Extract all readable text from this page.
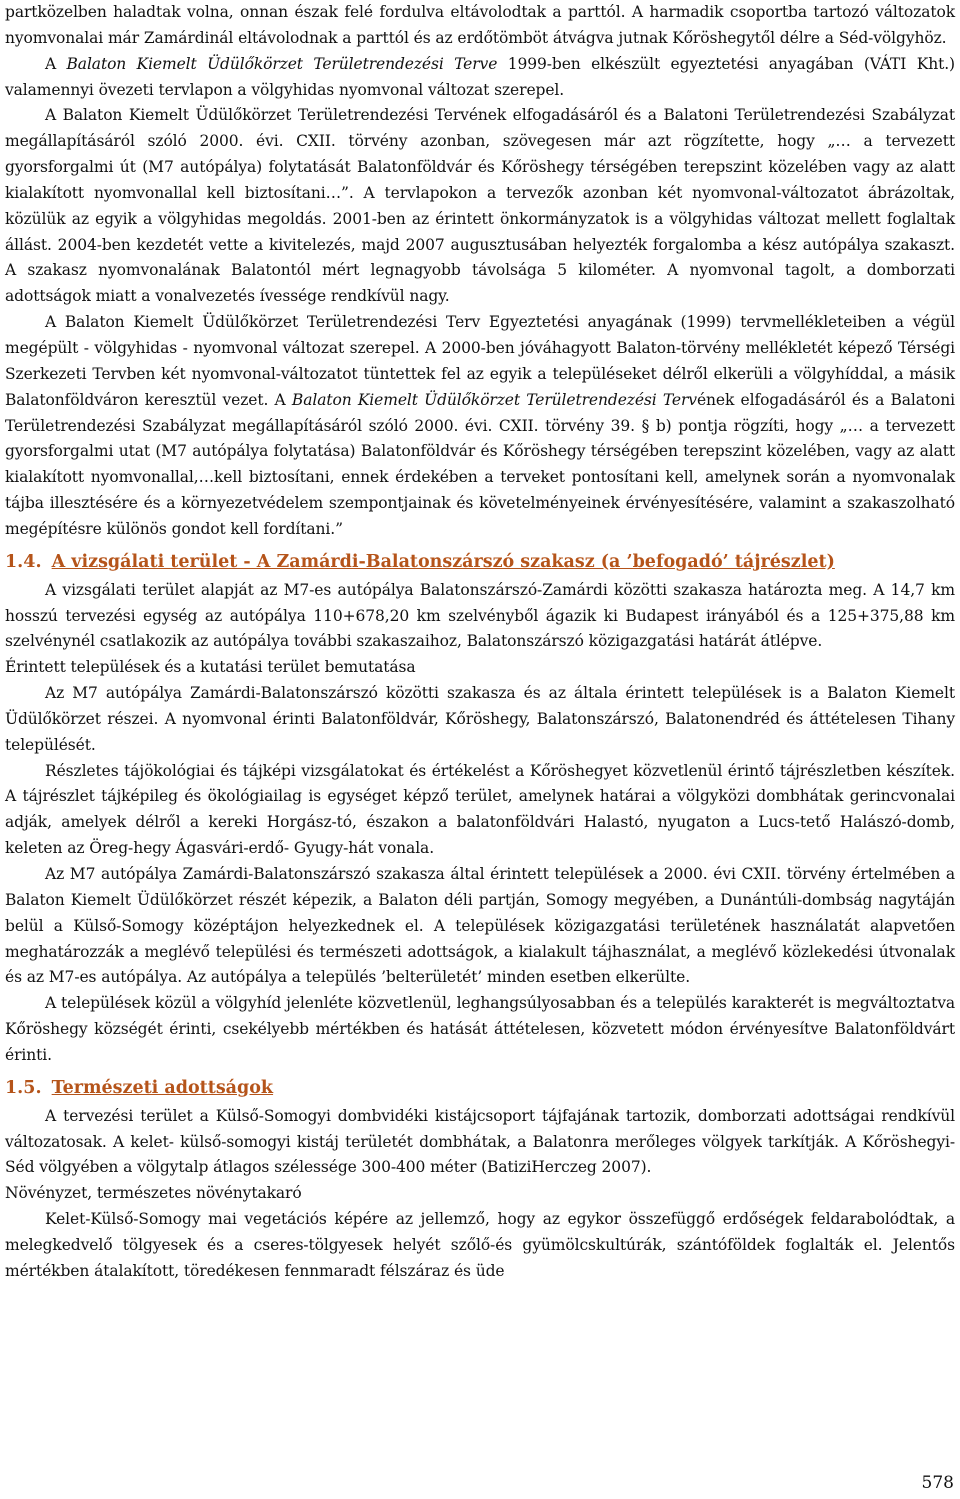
partközelben haladtak volna, onnan észak felé fordulva eltávolodtak a parttól. A harmadik csoportba tartozó változatok nyomvonalai már Zamárdinál eltávolodnak a parttól és az erdőtömböt átvágva jutnak Kőröshegytől délre a Séd-völgyhöz.

A Balaton Kiemelt Üdülőkörzet Területrendezési Terve 1999-ben elkészült egyeztetési anyagában (VÁTI Kht.) valamennyi övezeti tervlapon a völgyhidas nyomvonal változat szerepel.

A Balaton Kiemelt Üdülőkörzet Területrendezési Tervének elfogadásáról és a Balatoni Területrendezési Szabályzat megállapításáról szóló 2000. évi. CXII. törvény azonban, szövegesen már azt rögzítette, hogy „… a tervezett gyorsforgalmi út (M7 autópálya) folytatását Balatonföldvár és Kőröshegy térségében terepszint közelében vagy az alatt kialakított nyomvonallal kell biztosítani…”. A tervlapokon a tervezők azonban két nyomvonal-változatot ábrázoltak, közülük az egyik a völgyhidas megoldás. 2001-ben az érintett önkormányzatok is a völgyhidas változat mellett foglaltak állást. 2004-ben kezdetét vette a kivitelezés, majd 2007 augusztusában helyezték forgalomba a kész autópálya szakaszt. A szakasz nyomvonalának Balatontól mért legnagyobb távolsága 5 kilométer. A nyomvonal tagolt, a domborzati adottságok miatt a vonalvezetés ívessége rendkívül nagy.

A Balaton Kiemelt Üdülőkörzet Területrendezési Terv Egyeztetési anyagának (1999) tervmellékleteiben a végül megépült - völgyhidas - nyomvonal változat szerepel. A 2000-ben jóváhagyott Balaton-törvény mellékletét képező Térségi Szerkezeti Tervben két nyomvonal-változatot tüntettek fel az egyik a településeket délről elkerüli a völgyhíddal, a másik Balatonföldváron keresztül vezet. A Balaton Kiemelt Üdülőkörzet Területrendezési Tervének elfogadásáról és a Balatoni Területrendezési Szabályzat megállapításáról szóló 2000. évi. CXII. törvény 39. § b) pontja rögzíti, hogy „… a tervezett gyorsforgalmi utat (M7 autópálya folytatása) Balatonföldvár és Kőröshegy térségében terepszint közelében, vagy az alatt kialakított nyomvonallal,…kell biztosítani, ennek érdekében a terveket pontosítani kell, amelynek során a nyomvonalak tájba illesztésére és a környezetvédelem szempontjainak és követelményeinek érvényesítésére, valamint a szakaszolható megépítésre különös gondot kell fordítani.”

1.4. A vizsgálati terület - A Zamárdi-Balatonszárszó szakasz (a ’befogadó’ tájrészlet)

A vizsgálati terület alapját az M7-es autópálya Balatonszárszó-Zamárdi közötti szakasza határozta meg. A 14,7 km hosszú tervezési egység az autópálya 110+678,20 km szelvényből ágazik ki Budapest irányából és a 125+375,88 km szelvénynél csatlakozik az autópálya további szakaszaihoz, Balatonszárszó közigazgatási határát átlépve.

Érintett települések és a kutatási terület bemutatása

Az M7 autópálya Zamárdi-Balatonszárszó közötti szakasza és az általa érintett települések is a Balaton Kiemelt Üdülőkörzet részei. A nyomvonal érinti Balatonföldvár, Kőröshegy, Balatonszárszó, Balatonendréd és áttételesen Tihany települését.

Részletes tájökológiai és tájképi vizsgálatokat és értékelést a Kőröshegyet közvetlenül érintő tájrészletben készítek. A tájrészlet tájképileg és ökológiailag is egységet képző terület, amelynek határai a völgyközi dombhátak gerincvonalai adják, amelyek délről a kereki Horgász-tó, északon a balatonföldvári Halastó, nyugaton a Lucs-tető Halászó-domb, keleten az Öreg-hegy Ágasvári-erdő- Gyugy-hát vonala.

Az M7 autópálya Zamárdi-Balatonszárszó szakasza által érintett települések a 2000. évi CXII. törvény értelmében a Balaton Kiemelt Üdülőkörzet részét képezik, a Balaton déli partján, Somogy megyében, a Dunántúli-dombság nagytáján belül a Külső-Somogy középtájon helyezkednek el. A települések közigazgatási területének használatát alapvetően meghatározzák a meglévő települési és természeti adottságok, a kialakult tájhasználat, a meglévő közlekedési útvonalak és az M7-es autópálya. Az autópálya a település ’belterületét’ minden esetben elkerülte.

A települések közül a völgyhíd jelenléte közvetlenül, leghangsúlyosabban és a település karakterét is megváltoztatva Kőröshegy községét érinti, csekélyebb mértékben és hatását áttételesen, közvetett módon érvényesítve Balatonföldvárt érinti.

1.5. Természeti adottságok

A tervezési terület a Külső-Somogyi dombvidéki kistájcsoport tájfajának tartozik, domborzati adottságai rendkívül változatosak. A kelet- külső-somogyi kistáj területét dombhátak, a Balatonra merőleges völgyek tarkítják. A Kőröshegyi-Séd völgyében a völgytalp átlagos szélessége 300-400 méter (BatiziHerczeg 2007).

Növényzet, természetes növénytakaró

Kelet-Külső-Somogy mai vegetációs képére az jellemző, hogy az egykor összefüggő erdőségek feldarabolódtak, a melegkedvelő tölgyesek és a cseres-tölgyesek helyét szőlő-és gyümölcskultúrák, szántóföldek foglalták el. Jelentős mértékben átalakított, töredékesen fennmaradt félszáraz és üde

578
